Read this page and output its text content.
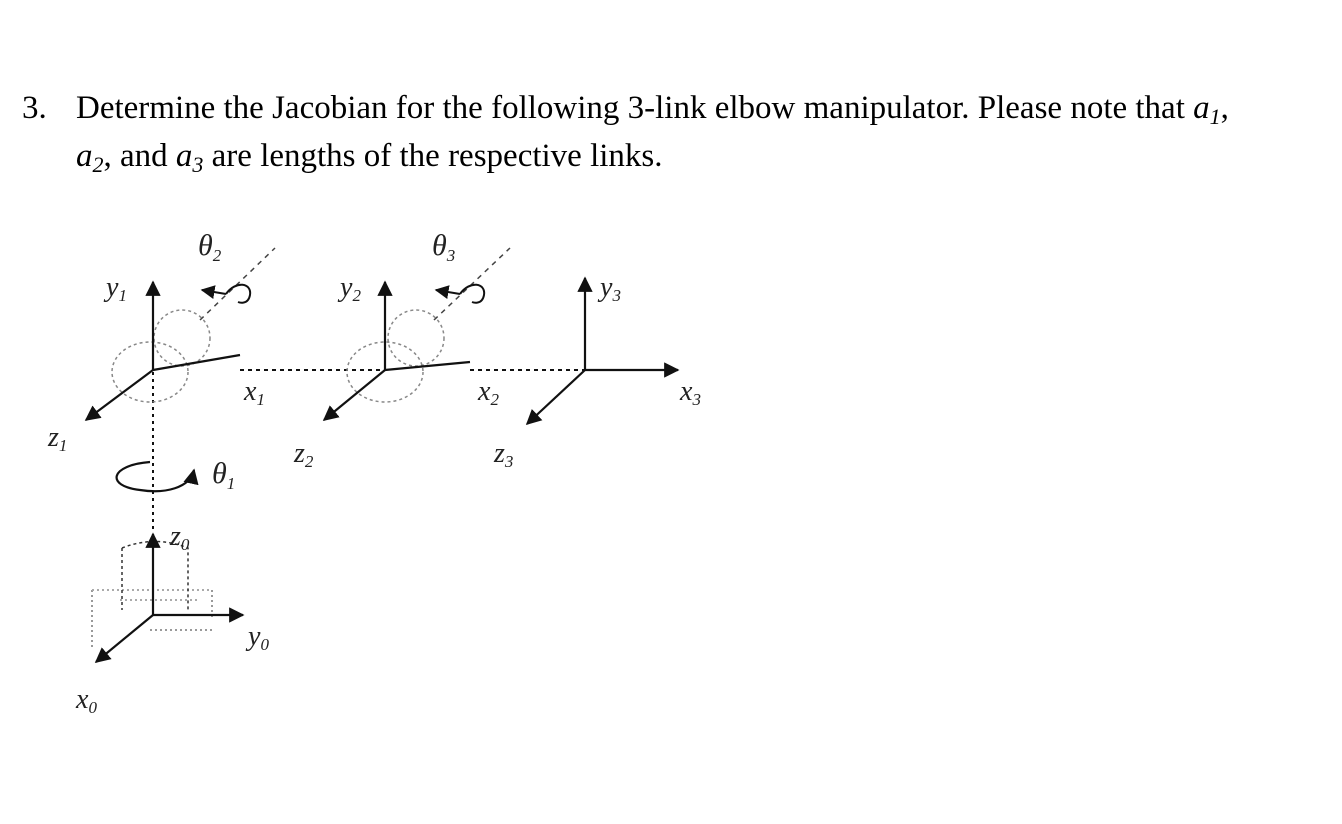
3. Determine the Jacobian for the following 3-link elbow manipulator. Please note that $a_1$,
$a_2$, and $a_3$ are lengths of the respective links.
$\theta_2$	$\theta_3$
$\theta_1$
y1	y2	y3
x1	x2	x3
z1	z2	z3
z0
y0
x0
